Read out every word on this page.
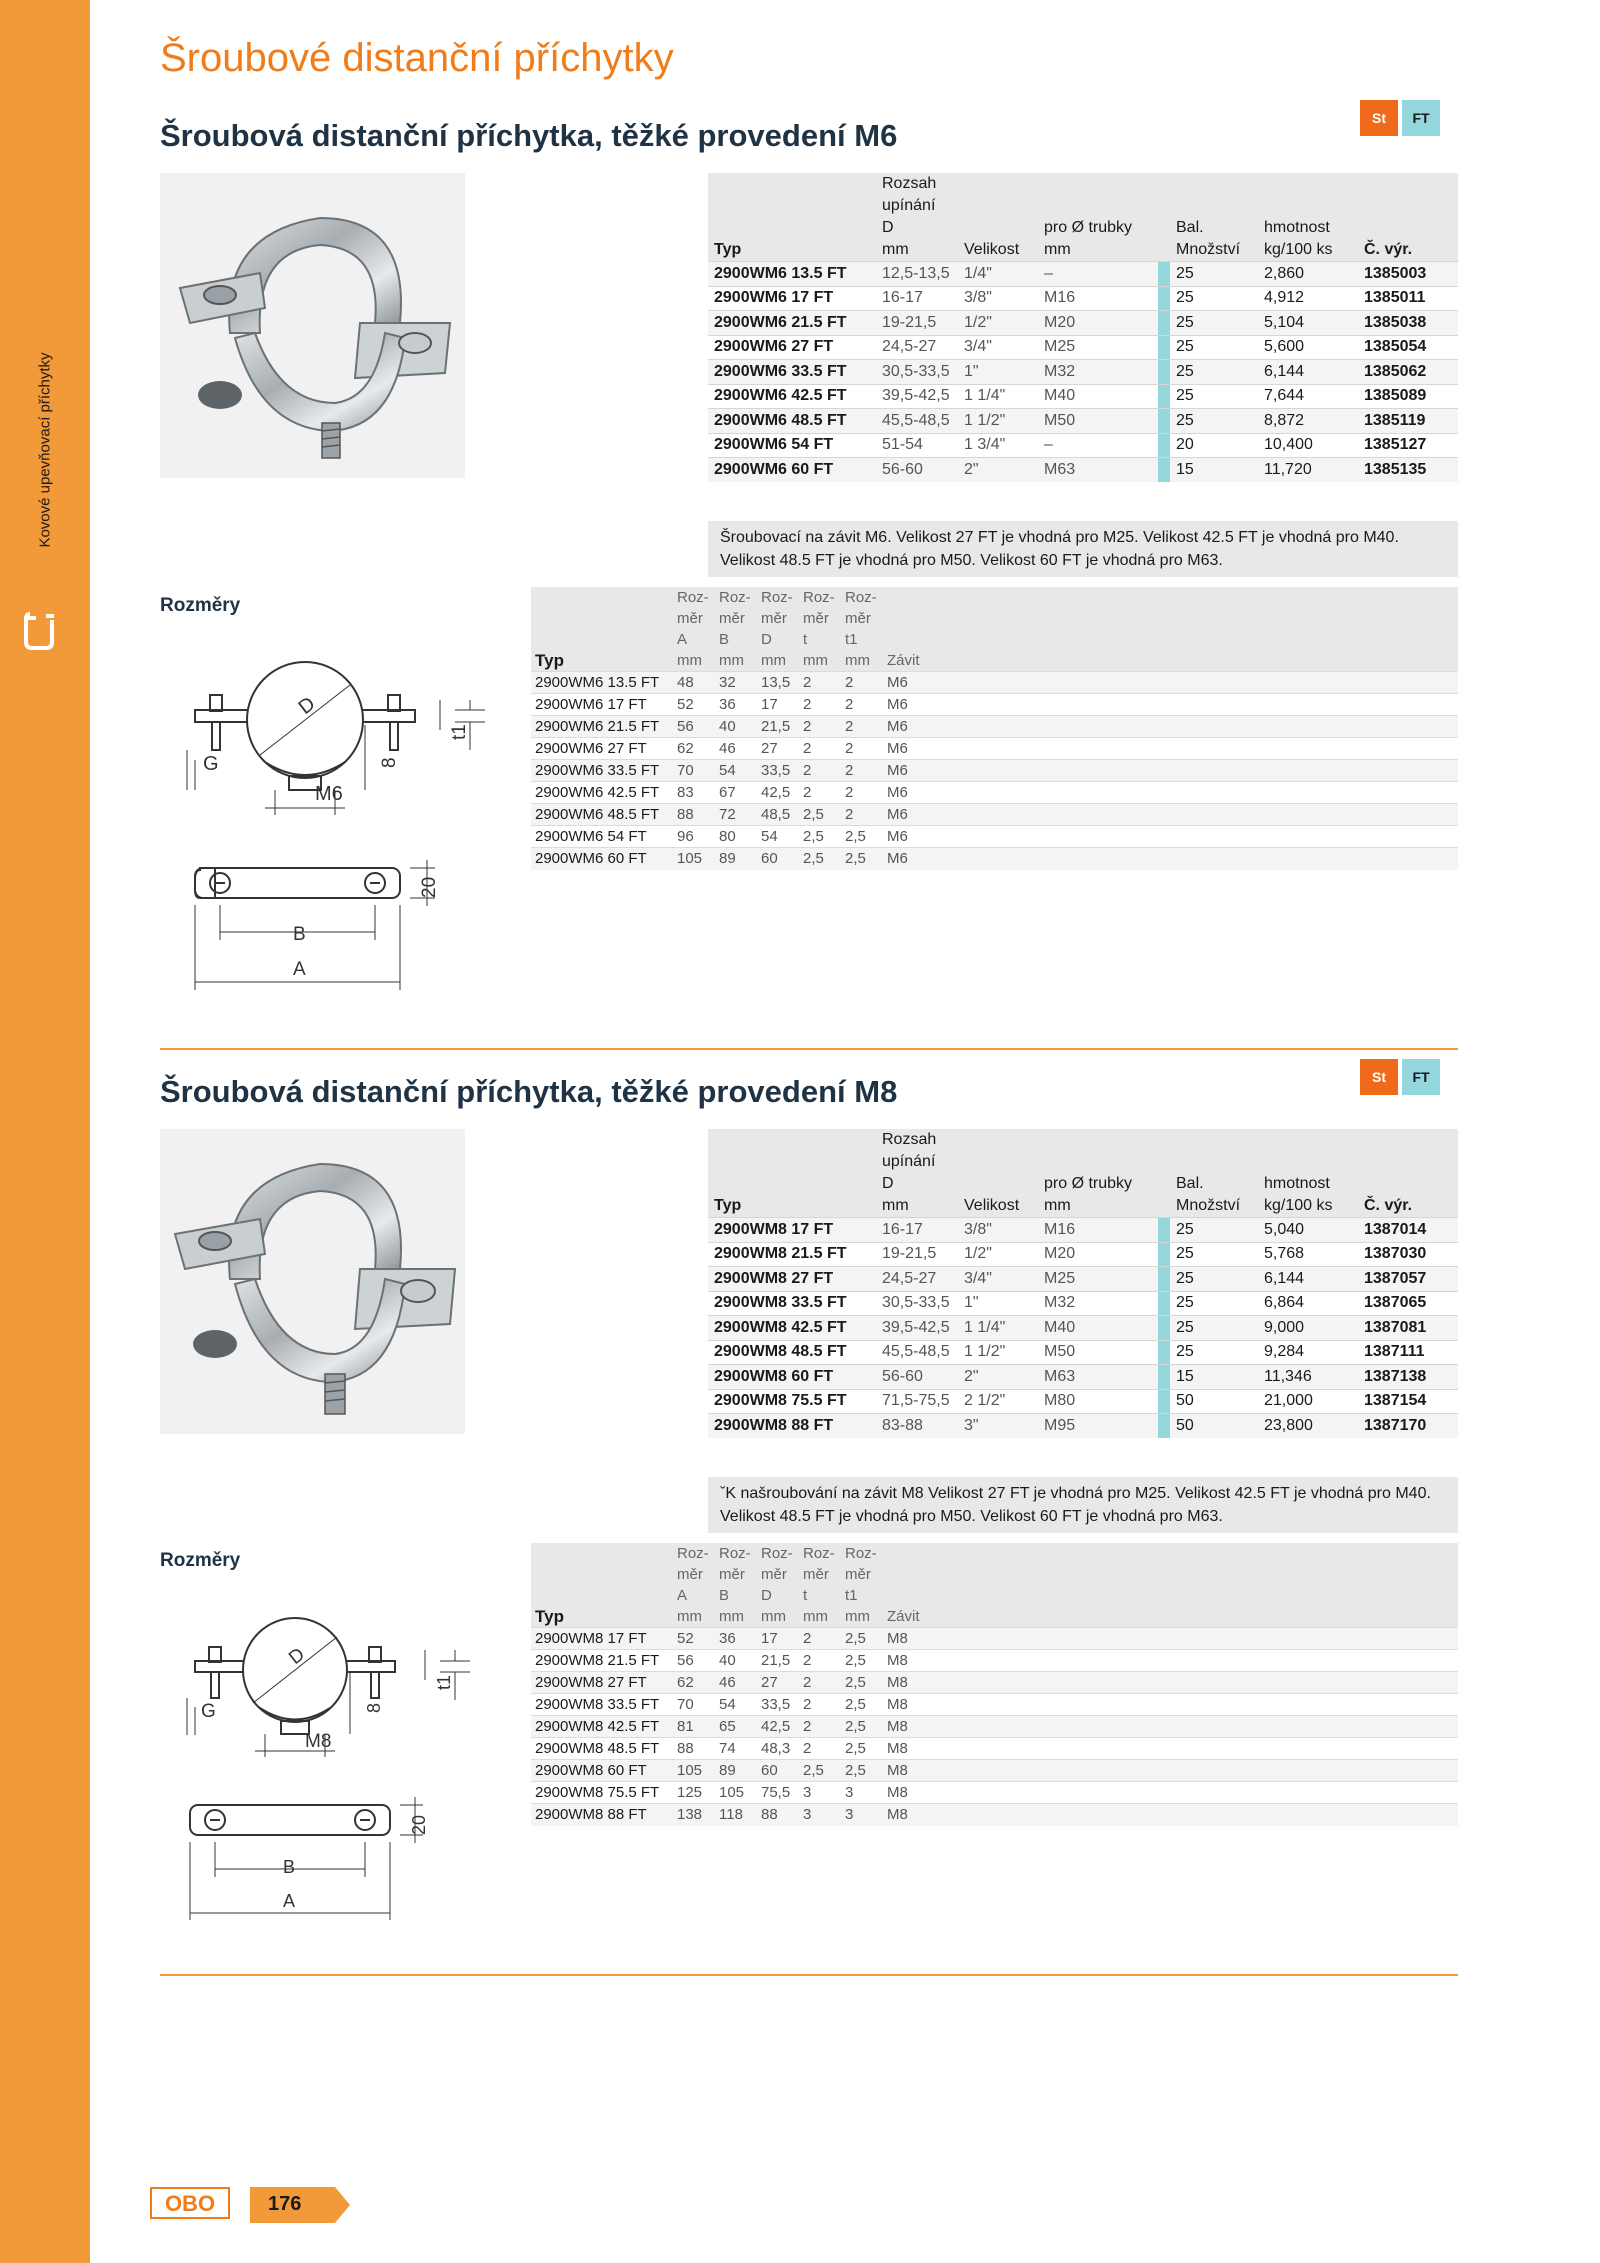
Kovové upevňovací příchytky
Šroubové distanční příchytky
Šroubová distanční příchytka, těžké provedení M6	St	FT
Typ	Rozsah
upínání
D
mm	Velikost	pro Ø trubky
mm		Bal.
Množství	hmotnost
kg/100 ks	Č. výr.
2900WM6 13.5 FT	12,5-13,5	1/4"	–		25	2,860	1385003
2900WM6 17 FT	16-17	3/8"	M16		25	4,912	1385011
2900WM6 21.5 FT	19-21,5	1/2"	M20		25	5,104	1385038
2900WM6 27 FT	24,5-27	3/4"	M25		25	5,600	1385054
2900WM6 33.5 FT	30,5-33,5	1"	M32		25	6,144	1385062
2900WM6 42.5 FT	39,5-42,5	1 1/4"	M40		25	7,644	1385089
2900WM6 48.5 FT	45,5-48,5	1 1/2"	M50		25	8,872	1385119
2900WM6 54 FT	51-54	1 3/4"	–		20	10,400	1385127
2900WM6 60 FT	56-60	2"	M63		15	11,720	1385135
Šroubovací na závit M6. Velikost 27 FT je vhodná pro M25. Velikost 42.5 FT je vhodná pro M40. Velikost 48.5 FT je vhodná pro M50. Velikost 60 FT je vhodná pro M63.
Rozměry
D
G
M6
8
t1
B
A
20
Typ	Roz-
měr
A
mm	Roz-
měr
B
mm	Roz-
měr
D
mm	Roz-
měr
t
mm	Roz-
měr
t1
mm	Závit
2900WM6 13.5 FT	48	32	13,5	2	2	M6
2900WM6 17 FT	52	36	17	2	2	M6
2900WM6 21.5 FT	56	40	21,5	2	2	M6
2900WM6 27 FT	62	46	27	2	2	M6
2900WM6 33.5 FT	70	54	33,5	2	2	M6
2900WM6 42.5 FT	83	67	42,5	2	2	M6
2900WM6 48.5 FT	88	72	48,5	2,5	2	M6
2900WM6 54 FT	96	80	54	2,5	2,5	M6
2900WM6 60 FT	105	89	60	2,5	2,5	M6
Šroubová distanční příchytka, těžké provedení M8	St	FT
Typ	Rozsah
upínání
D
mm	Velikost	pro Ø trubky
mm		Bal.
Množství	hmotnost
kg/100 ks	Č. výr.
2900WM8 17 FT	16-17	3/8"	M16		25	5,040	1387014
2900WM8 21.5 FT	19-21,5	1/2"	M20		25	5,768	1387030
2900WM8 27 FT	24,5-27	3/4"	M25		25	6,144	1387057
2900WM8 33.5 FT	30,5-33,5	1"	M32		25	6,864	1387065
2900WM8 42.5 FT	39,5-42,5	1 1/4"	M40		25	9,000	1387081
2900WM8 48.5 FT	45,5-48,5	1 1/2"	M50		25	9,284	1387111
2900WM8 60 FT	56-60	2"	M63		15	11,346	1387138
2900WM8 75.5 FT	71,5-75,5	2 1/2"	M80		50	21,000	1387154
2900WM8 88 FT	83-88	3"	M95		50	23,800	1387170
ˇK našroubování na závit M8 Velikost 27 FT je vhodná pro M25. Velikost 42.5 FT je vhodná pro M40. Velikost 48.5 FT je vhodná pro M50. Velikost 60 FT je vhodná pro M63.
Rozměry
D
G
M8
8
t1
B
A
20
Typ	Roz-
měr
A
mm	Roz-
měr
B
mm	Roz-
měr
D
mm	Roz-
měr
t
mm	Roz-
měr
t1
mm	Závit
2900WM8 17 FT	52	36	17	2	2,5	M8
2900WM8 21.5 FT	56	40	21,5	2	2,5	M8
2900WM8 27 FT	62	46	27	2	2,5	M8
2900WM8 33.5 FT	70	54	33,5	2	2,5	M8
2900WM8 42.5 FT	81	65	42,5	2	2,5	M8
2900WM8 48.5 FT	88	74	48,3	2	2,5	M8
2900WM8 60 FT	105	89	60	2,5	2,5	M8
2900WM8 75.5 FT	125	105	75,5	3	3	M8
2900WM8 88 FT	138	118	88	3	3	M8
OBO	176
